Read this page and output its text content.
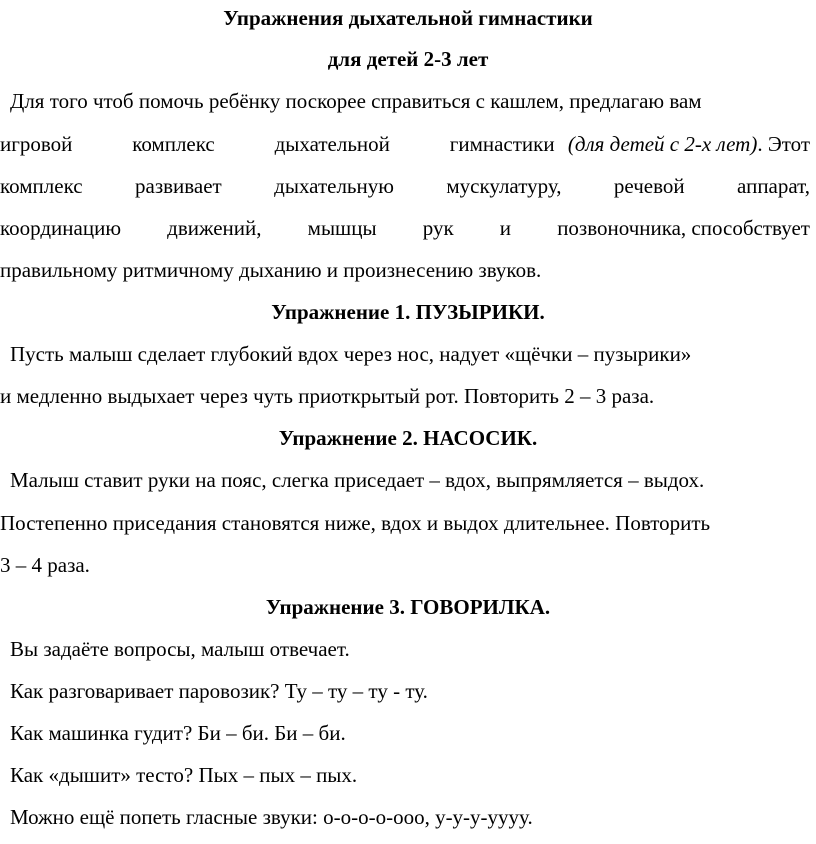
Упражнения дыхательной гимнастики
для детей 2-3 лет
Для того чтоб помочь ребёнку поскорее справиться с кашлем, предлагаю вам
игровой	комплекс	дыхательной	гимнастики (для детей с 2-х лет). Этот
комплекс развивает дыхательную мускулатуру, речевой аппарат,
координацию движений, мышцы рук и позвоночника, способствует
правильному ритмичному дыханию и произнесению звуков.
Упражнение 1. ПУЗЫРИКИ.
Пусть малыш сделает глубокий вдох через нос, надует «щёчки – пузырики»
и медленно выдыхает через чуть приоткрытый рот. Повторить 2 – 3 раза.
Упражнение 2. НАСОСИК.
Малыш ставит руки на пояс, слегка приседает – вдох, выпрямляется – выдох.
Постепенно приседания становятся ниже, вдох и выдох длительнее. Повторить
3 – 4 раза.
Упражнение 3. ГОВОРИЛКА.
Вы задаёте вопросы, малыш отвечает.
Как разговаривает паровозик? Ту – ту – ту - ту.
Как машинка гудит? Би – би. Би – би.
Как «дышит» тесто? Пых – пых – пых.
Можно ещё попеть гласные звуки: о-о-о-о-ооо, у-у-у-уууу.
